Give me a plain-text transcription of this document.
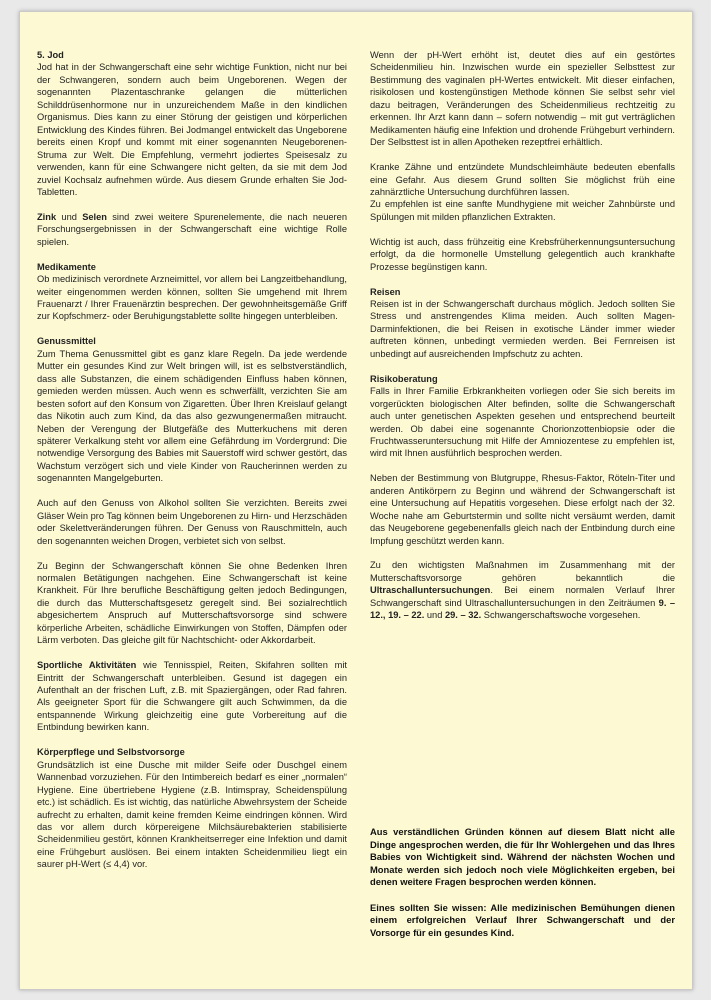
5. Jod
Jod hat in der Schwangerschaft eine sehr wichtige Funktion, nicht nur bei der Schwangeren, sondern auch beim Ungeborenen. Wegen der sogenannten Plazentaschranke gelangen die mütterlichen Schilddrüsenhormone nur in unzureichendem Maße in den kindlichen Organismus. Dies kann zu einer Störung der geistigen und körperlichen Entwicklung des Kindes führen. Bei Jodmangel entwickelt das Ungeborene bereits einen Kropf und kommt mit einer sogenannten Neugeborenen-Struma zur Welt. Die Empfehlung, vermehrt jodiertes Speisesalz zu verwenden, kann für eine Schwangere nicht gelten, da sie mit dem Jod zuviel Kochsalz aufnehmen würde. Aus diesem Grunde erhalten Sie Jod-Tabletten.

Zink und Selen sind zwei weitere Spurenelemente, die nach neueren Forschungsergebnissen in der Schwangerschaft eine wichtige Rolle spielen.

Medikamente
Ob medizinisch verordnete Arzneimittel, vor allem bei Langzeitbehandlung, weiter eingenommen werden können, sollten Sie umgehend mit Ihrem Frauenarzt / Ihrer Frauenärztin besprechen. Der gewohnheitsgemäße Griff zur Kopfschmerz- oder Beruhigungstablette sollte hingegen unterbleiben.

Genussmittel
Zum Thema Genussmittel gibt es ganz klare Regeln. Da jede werdende Mutter ein gesundes Kind zur Welt bringen will, ist es selbstverständlich, dass alle Substanzen, die einem schädigenden Einfluss haben können, gemieden werden müssen. Auch wenn es schwerfällt, verzichten Sie am besten sofort auf den Konsum von Zigaretten. Über Ihren Kreislauf gelangt das Nikotin auch zum Kind, da das also gezwungenermaßen mitraucht. Neben der Verengung der Blutgefäße des Mutterkuchens mit deren späterer Verkalkung steht vor allem eine Gefährdung im Vordergrund: Die notwendige Versorgung des Babies mit Sauerstoff wird schwer gestört, das Wachstum verzögert sich und viele Kinder von Raucherinnen werden zu sogenannten Mangelgeburten.

Auch auf den Genuss von Alkohol sollten Sie verzichten. Bereits zwei Gläser Wein pro Tag können beim Ungeborenen zu Hirn- und Herzschäden oder Skelettveränderungen führen. Der Genuss von Rauschmitteln, auch den sogenannten weichen Drogen, verbietet sich von selbst.

Zu Beginn der Schwangerschaft können Sie ohne Bedenken Ihren normalen Betätigungen nachgehen. Eine Schwangerschaft ist keine Krankheit. Für Ihre berufliche Beschäftigung gelten jedoch Bedingungen, die durch das Mutterschaftsgesetz geregelt sind. Bei sozialrechtlich abgesichertem Anspruch auf Mutterschaftsvorsorge sind schwere körperliche Arbeiten, schädliche Einwirkungen von Stoffen, Dämpfen oder Lärm verboten. Das gleiche gilt für Nachtschicht- oder Akkordarbeit.

Sportliche Aktivitäten wie Tennisspiel, Reiten, Skifahren sollten mit Eintritt der Schwangerschaft unterbleiben. Gesund ist dagegen ein Aufenthalt an der frischen Luft, z.B. mit Spaziergängen, oder Rad fahren. Als geeigneter Sport für die Schwangere gilt auch Schwimmen, da die entspannende Wirkung gleichzeitig eine gute Vorbereitung auf die Entbindung bewirken kann.

Körperpflege und Selbstvorsorge
Grundsätzlich ist eine Dusche mit milder Seife oder Duschgel einem Wannenbad vorzuziehen. Für den Intimbereich bedarf es einer „normalen“ Hygiene. Eine übertriebene Hygiene (z.B. Intimspray, Scheidenspülung etc.) ist schädlich. Es ist wichtig, das natürliche Abwehrsystem der Scheide aufrecht zu erhalten, damit keine fremden Keime eindringen können. Wird das vor allem durch körpereigene Milchsäurebakterien stabilisierte Scheidenmilieu gestört, können Krankheitserreger eine Infektion und damit eine Frühgeburt auslösen. Bei einem intakten Scheidenmilieu liegt ein saurer pH-Wert (≤ 4,4) vor.

Wenn der pH-Wert erhöht ist, deutet dies auf ein gestörtes Scheidenmilieu hin. Inzwischen wurde ein spezieller Selbsttest zur Bestimmung des vaginalen pH-Wertes entwickelt. Mit dieser einfachen, risikolosen und kostengünstigen Methode können Sie selbst sehr viel dazu beitragen, Veränderungen des Scheidenmilieus rechtzeitig zu erkennen. Ihr Arzt kann dann – sofern notwendig – mit gut verträglichen Medikamenten häufig eine Infektion und drohende Frühgeburt verhindern. Der Selbsttest ist in allen Apotheken rezeptfrei erhältlich.

Kranke Zähne und entzündete Mundschleimhäute bedeuten ebenfalls eine Gefahr. Aus diesem Grund sollten Sie möglichst früh eine zahnärztliche Untersuchung durchführen lassen.
Zu empfehlen ist eine sanfte Mundhygiene mit weicher Zahnbürste und Spülungen mit milden pflanzlichen Extrakten.

Wichtig ist auch, dass frühzeitig eine Krebsfrüherkennungsuntersuchung erfolgt, da die hormonelle Umstellung gelegentlich auch krankhafte Prozesse begünstigen kann.

Reisen
Reisen ist in der Schwangerschaft durchaus möglich. Jedoch sollten Sie Stress und anstrengendes Klima meiden. Auch sollten Magen-Darminfektionen, die bei Reisen in exotische Länder immer wieder auftreten können, unbedingt vermieden werden. Bei Fernreisen ist unbedingt auf ausreichenden Impfschutz zu achten.

Risikoberatung
Falls in Ihrer Familie Erbkrankheiten vorliegen oder Sie sich bereits im vorgerückten biologischen Alter befinden, sollte die Schwangerschaft auch unter genetischen Aspekten gesehen und entsprechend beurteilt werden. Ob dabei eine sogenannte Chorionzottenbiopsie oder die Fruchtwasseruntersuchung mit Hilfe der Amniozentese zu empfehlen ist, wird mit Ihnen ausführlich besprochen werden.

Neben der Bestimmung von Blutgruppe, Rhesus-Faktor, Röteln-Titer und anderen Antikörpern zu Beginn und während der Schwangerschaft ist eine Untersuchung auf Hepatitis vorgesehen. Diese erfolgt nach der 32. Woche nahe am Geburtstermin und sollte nicht versäumt werden, damit das Neugeborene gegebenenfalls gleich nach der Entbindung durch eine Impfung geschützt werden kann.

Zu den wichtigsten Maßnahmen im Zusammenhang mit der Mutterschaftsvorsorge gehören bekanntlich die Ultraschalluntersuchungen. Bei einem normalen Verlauf Ihrer Schwangerschaft sind Ultraschalluntersuchungen in den Zeiträumen 9. – 12., 19. – 22. und 29. – 32. Schwangerschaftswoche vorgesehen.

Aus verständlichen Gründen können auf diesem Blatt nicht alle Dinge angesprochen werden, die für Ihr Wohlergehen und das Ihres Babies von Wichtigkeit sind. Während der nächsten Wochen und Monate werden sich jedoch noch viele Möglichkeiten ergeben, bei denen weitere Fragen besprochen werden können.

Eines sollten Sie wissen: Alle medizinischen Bemühungen dienen einem erfolgreichen Verlauf Ihrer Schwangerschaft und der Vorsorge für ein gesundes Kind.
